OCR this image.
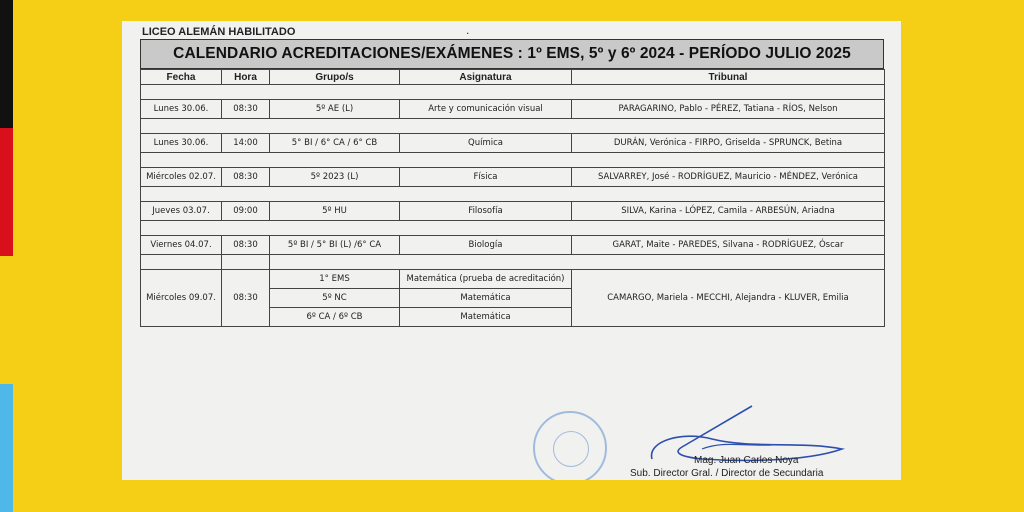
LICEO ALEMÁN HABILITADO	.
CALENDARIO ACREDITACIONES/EXÁMENES : 1º EMS, 5º y 6º 2024 - PERÍODO JULIO 2025
Fecha	Hora	Grupo/s	Asignatura	Tribunal

Lunes 30.06.	08:30	5º AE (L)	Arte y comunicación visual	PARAGARINO, Pablo - PÉREZ, Tatiana - RÍOS, Nelson

Lunes 30.06.	14:00	5° BI / 6° CA / 6° CB	Química	DURÁN, Verónica - FIRPO, Griselda - SPRUNCK, Betina

Miércoles 02.07.	08:30	5º 2023 (L)	Física	SALVARREY, José - RODRÍGUEZ, Mauricio - MÉNDEZ, Verónica

Jueves 03.07.	09:00	5º HU	Filosofía	SILVA, Karina - LÓPEZ, Camila - ARBESÚN, Ariadna

Viernes 04.07.	08:30	5º BI / 5° BI (L) /6° CA	Biología	GARAT, Maite - PAREDES, Silvana - RODRÍGUEZ, Óscar

Miércoles 09.07.	08:30	1° EMS	Matemática (prueba de acreditación)	CAMARGO, Mariela - MECCHI, Alejandra - KLUVER, Emilia
		5º NC	Matemática	
		6º CA / 6º CB	Matemática	
Mag. Juan Carlos Noya
Sub. Director Gral. / Director de Secundaria
